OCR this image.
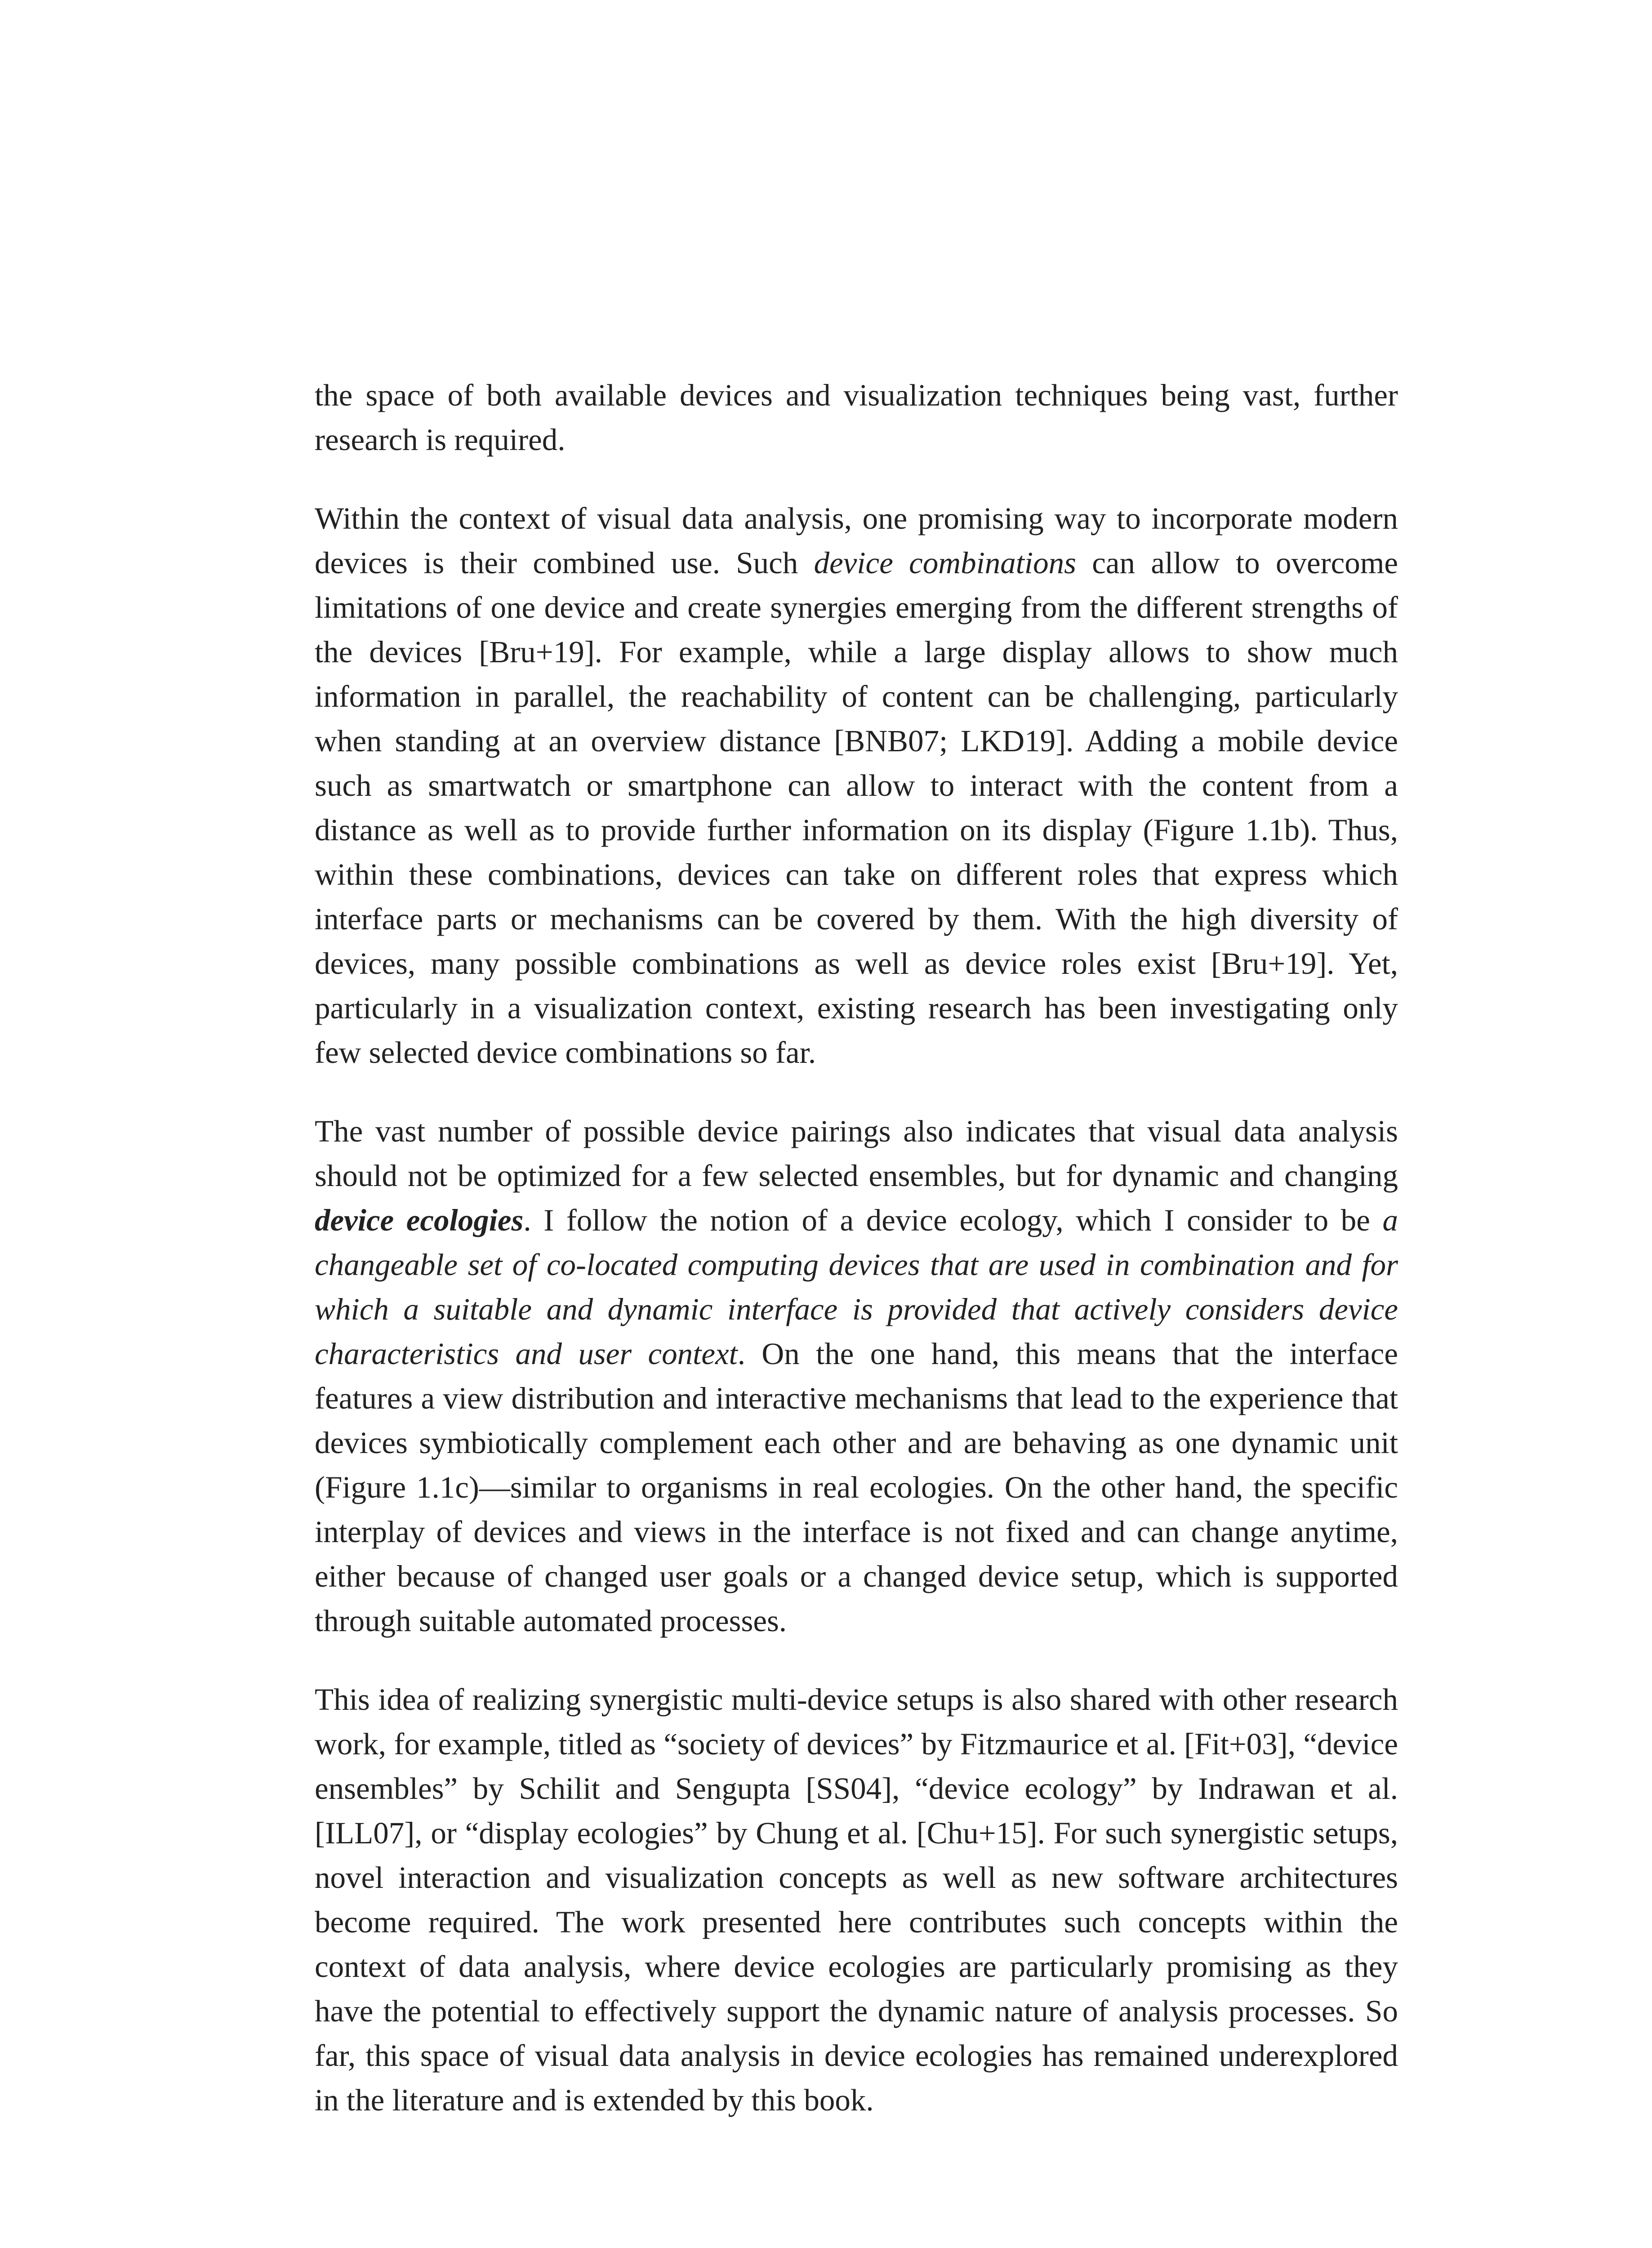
the space of both available devices and visualization techniques being vast, further research is required.

Within the context of visual data analysis, one promising way to incorporate modern devices is their combined use. Such device combinations can allow to overcome limitations of one device and create synergies emerging from the different strengths of the devices [Bru+19]. For example, while a large display allows to show much information in parallel, the reachability of content can be challenging, particularly when standing at an overview distance [BNB07; LKD19]. Adding a mobile device such as smartwatch or smartphone can allow to interact with the content from a distance as well as to provide further information on its display (Figure 1.1b). Thus, within these combinations, devices can take on different roles that express which interface parts or mechanisms can be covered by them. With the high diversity of devices, many possible combinations as well as device roles exist [Bru+19]. Yet, particularly in a visualization context, existing research has been investigating only few selected device combinations so far.

The vast number of possible device pairings also indicates that visual data analysis should not be optimized for a few selected ensembles, but for dynamic and changing device ecologies. I follow the notion of a device ecology, which I consider to be a changeable set of co-located computing devices that are used in combination and for which a suitable and dynamic interface is provided that actively considers device characteristics and user context. On the one hand, this means that the interface features a view distribution and interactive mechanisms that lead to the experience that devices symbiotically complement each other and are behaving as one dynamic unit (Figure 1.1c)—similar to organisms in real ecologies. On the other hand, the specific interplay of devices and views in the interface is not fixed and can change anytime, either because of changed user goals or a changed device setup, which is supported through suitable automated processes.

This idea of realizing synergistic multi-device setups is also shared with other research work, for example, titled as “society of devices” by Fitzmaurice et al. [Fit+03], “device ensembles” by Schilit and Sengupta [SS04], “device ecology” by Indrawan et al. [ILL07], or “display ecologies” by Chung et al. [Chu+15]. For such synergistic setups, novel interaction and visualization concepts as well as new software architectures become required. The work presented here contributes such concepts within the context of data analysis, where device ecologies are particularly promising as they have the potential to effectively support the dynamic nature of analysis processes. So far, this space of visual data analysis in device ecologies has remained underexplored in the literature and is extended by this book.
